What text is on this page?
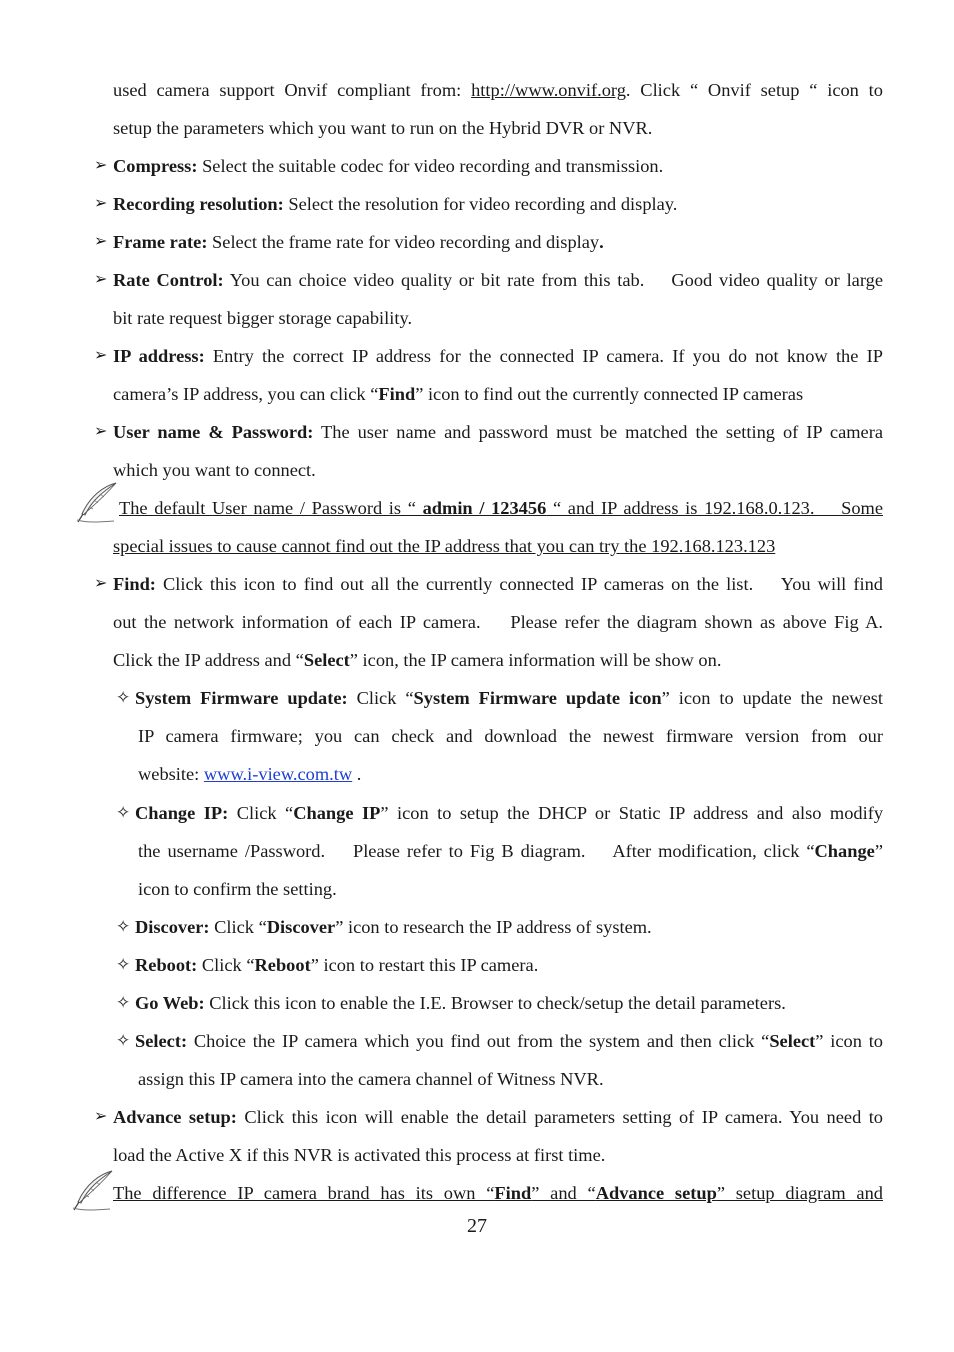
used camera support Onvif compliant from: http://www.onvif.org. Click “ Onvif setup “ icon to
setup the parameters which you want to run on the Hybrid DVR or NVR.
➢ Compress: Select the suitable codec for video recording and transmission.
➢ Recording resolution: Select the resolution for video recording and display.
➢ Frame rate: Select the frame rate for video recording and display.
➢ Rate Control: You can choice video quality or bit rate from this tab.    Good video quality or large
bit rate request bigger storage capability.
➢ IP address: Entry the correct IP address for the connected IP camera. If you do not know the IP
camera’s IP address, you can click “Find” icon to find out the currently connected IP cameras
➢ User name & Password: The user name and password must be matched the setting of IP camera
which you want to connect.
The default User name / Password is “ admin / 123456 “ and IP address is 192.168.0.123.    Some
special issues to cause cannot find out the IP address that you can try the 192.168.123.123
➢ Find: Click this icon to find out all the currently connected IP cameras on the list.    You will find
out the network information of each IP camera.    Please refer the diagram shown as above Fig A.
Click the IP address and “Select” icon, the IP camera information will be show on.
✧ System Firmware update: Click “System Firmware update icon” icon to update the newest
IP camera firmware; you can check and download the newest firmware version from our
website: www.i-view.com.tw .
✧ Change IP: Click “Change IP” icon to setup the DHCP or Static IP address and also modify
the username /Password.    Please refer to Fig B diagram.    After modification, click “Change”
icon to confirm the setting.
✧ Discover: Click “Discover” icon to research the IP address of system.
✧ Reboot: Click “Reboot” icon to restart this IP camera.
✧ Go Web: Click this icon to enable the I.E. Browser to check/setup the detail parameters.
✧ Select: Choice the IP camera which you find out from the system and then click “Select” icon to
assign this IP camera into the camera channel of Witness NVR.
➢ Advance setup: Click this icon will enable the detail parameters setting of IP camera. You need to
load the Active X if this NVR is activated this process at first time.
The difference IP camera brand has its own “Find” and “Advance setup” setup diagram and
27
